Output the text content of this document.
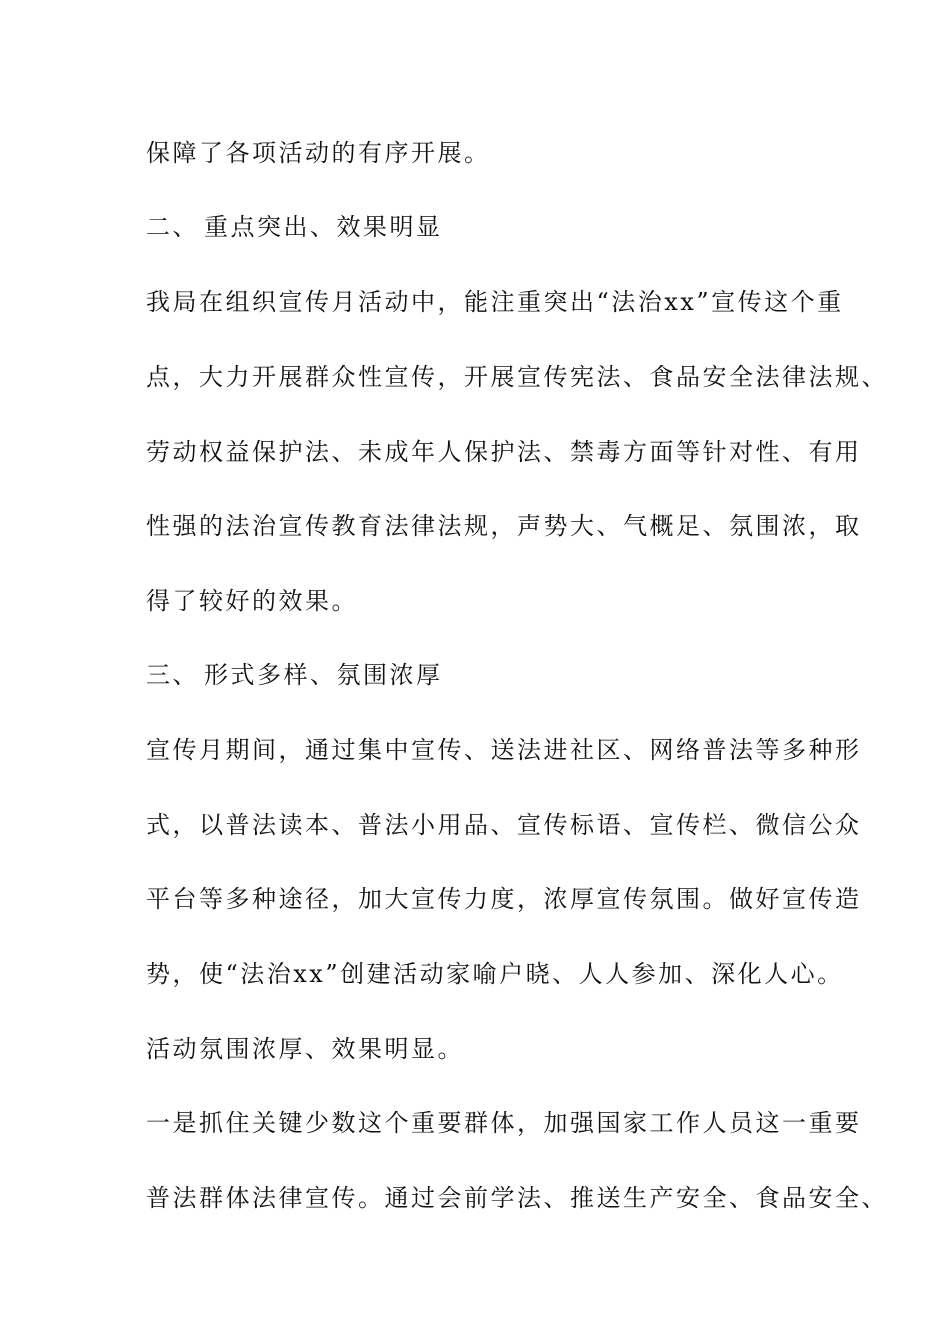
保障了各项活动的有序开展。
二、 重点突出、效果明显
我局在组织宣传月活动中，能注重突出“法治xx”宣传这个重
点，大力开展群众性宣传，开展宣传宪法、食品安全法律法规、
劳动权益保护法、未成年人保护法、禁毒方面等针对性、有用
性强的法治宣传教育法律法规，声势大、气概足、氛围浓，取
得了较好的效果。
三、 形式多样、氛围浓厚
宣传月期间，通过集中宣传、送法进社区、网络普法等多种形
式，以普法读本、普法小用品、宣传标语、宣传栏、微信公众
平台等多种途径，加大宣传力度，浓厚宣传氛围。做好宣传造
势，使“法治xx”创建活动家喻户晓、人人参加、深化人心。
活动氛围浓厚、效果明显。
一是抓住关键少数这个重要群体，加强国家工作人员这一重要
普法群体法律宣传。通过会前学法、推送生产安全、食品安全、
